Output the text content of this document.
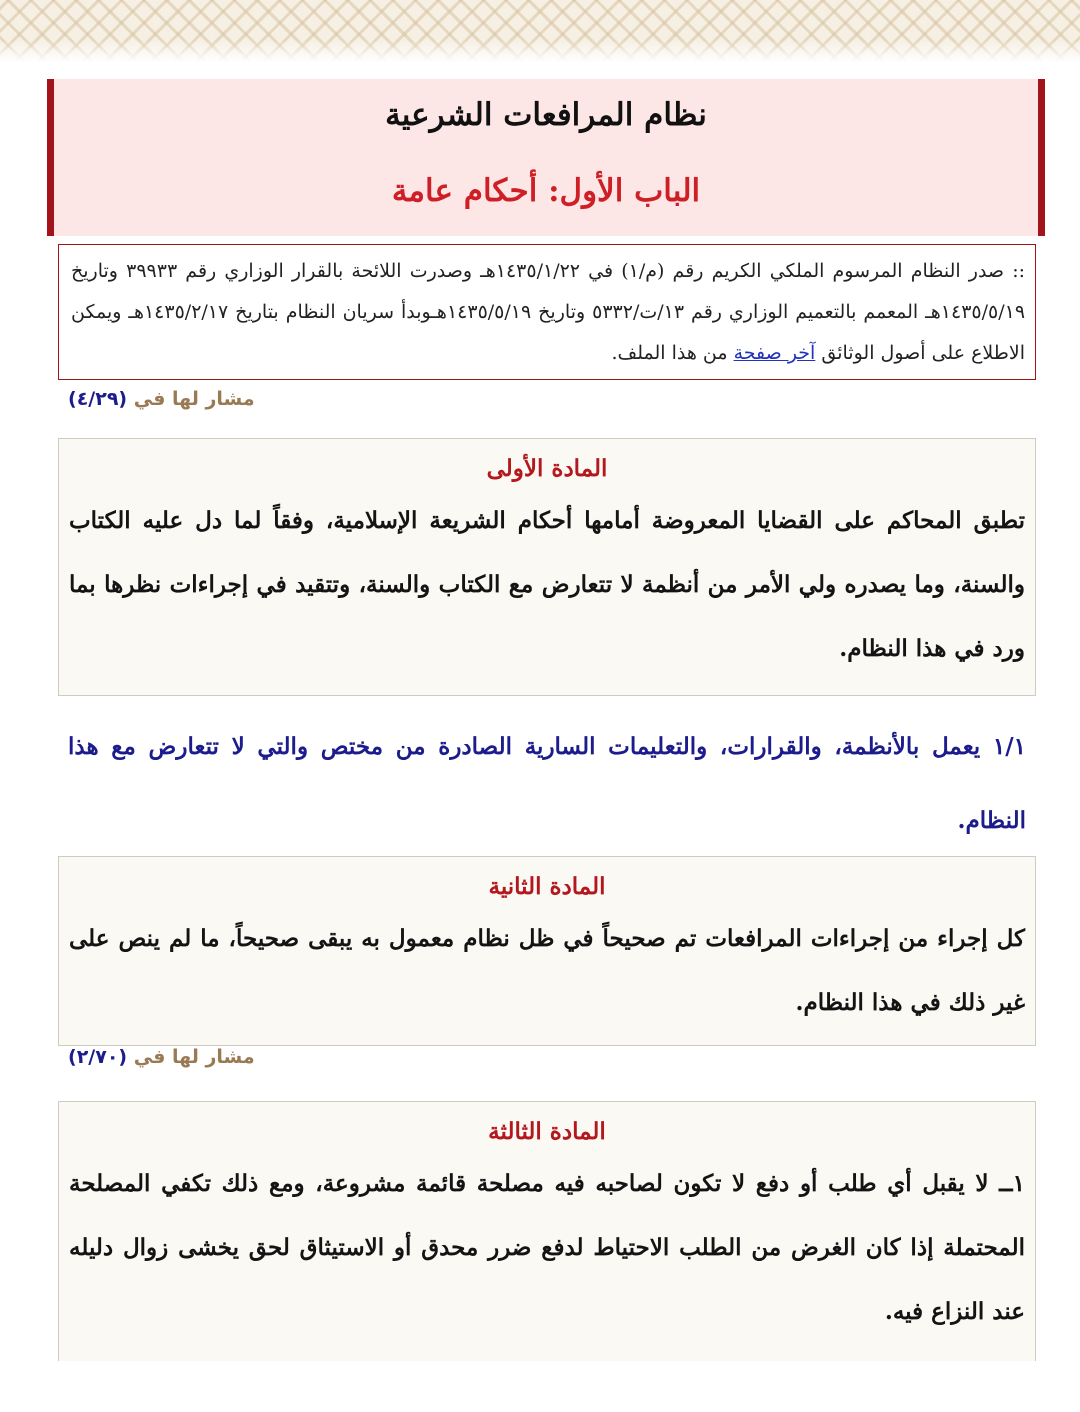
نظام المرافعات الشرعية
الباب الأول: أحكام عامة
:: صدر النظام المرسوم الملكي الكريم رقم (م/١) في ١٤٣٥/١/٢٢هـ وصدرت اللائحة بالقرار الوزاري رقم ٣٩٩٣٣ وتاريخ ١٤٣٥/٥/١٩هـ المعمم بالتعميم الوزاري رقم ١٣/ت/٥٣٣٢ وتاريخ ١٤٣٥/٥/١٩هـوبدأ سريان النظام بتاريخ ١٤٣٥/٢/١٧هـ ويمكن الاطلاع على أصول الوثائق آخر صفحة من هذا الملف.
(٤/٢٩) مشار لها في
المادة الأولى
تطبق المحاكم على القضايا المعروضة أمامها أحكام الشريعة الإسلامية، وفقاً لما دل عليه الكتاب والسنة، وما يصدره ولي الأمر من أنظمة لا تتعارض مع الكتاب والسنة، وتتقيد في إجراءات نظرها بما ورد في هذا النظام.
١/١ يعمل بالأنظمة، والقرارات، والتعليمات السارية الصادرة من مختص والتي لا تتعارض مع هذا النظام.
المادة الثانية
كل إجراء من إجراءات المرافعات تم صحيحاً في ظل نظام معمول به يبقى صحيحاً، ما لم ينص على غير ذلك في هذا النظام.
(٢/٧٠) مشار لها في
المادة الثالثة
١ــ لا يقبل أي طلب أو دفع لا تكون لصاحبه فيه مصلحة قائمة مشروعة، ومع ذلك تكفي المصلحة المحتملة إذا كان الغرض من الطلب الاحتياط لدفع ضرر محدق أو الاستيثاق لحق يخشى زوال دليله عند النزاع فيه.
